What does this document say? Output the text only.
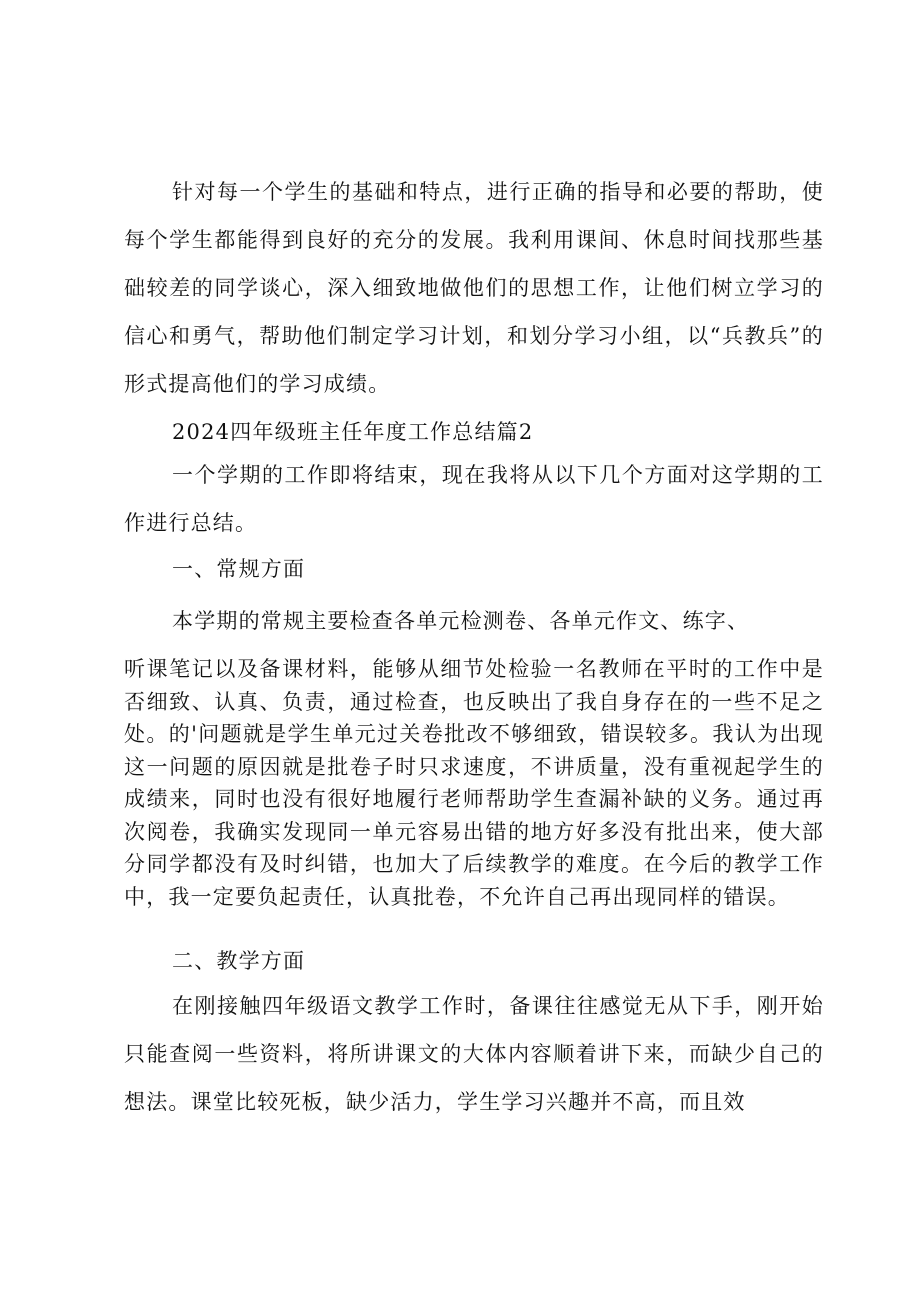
针对每一个学生的基础和特点，进行正确的指导和必要的帮助，使每个学生都能得到良好的充分的发展。我利用课间、休息时间找那些基础较差的同学谈心，深入细致地做他们的思想工作，让他们树立学习的信心和勇气，帮助他们制定学习计划，和划分学习小组，以“兵教兵”的形式提高他们的学习成绩。

2024四年级班主任年度工作总结篇2

一个学期的工作即将结束，现在我将从以下几个方面对这学期的工作进行总结。

一、常规方面

本学期的常规主要检查各单元检测卷、各单元作文、练字、

听课笔记以及备课材料，能够从细节处检验一名教师在平时的工作中是否细致、认真、负责，通过检查，也反映出了我自身存在的一些不足之处。的'问题就是学生单元过关卷批改不够细致，错误较多。我认为出现这一问题的原因就是批卷子时只求速度，不讲质量，没有重视起学生的成绩来，同时也没有很好地履行老师帮助学生查漏补缺的义务。通过再次阅卷，我确实发现同一单元容易出错的地方好多没有批出来，使大部分同学都没有及时纠错，也加大了后续教学的难度。在今后的教学工作中，我一定要负起责任，认真批卷，不允许自己再出现同样的错误。

二、教学方面

在刚接触四年级语文教学工作时，备课往往感觉无从下手，刚开始只能查阅一些资料，将所讲课文的大体内容顺着讲下来，而缺少自己的想法。课堂比较死板，缺少活力，学生学习兴趣并不高，而且效
